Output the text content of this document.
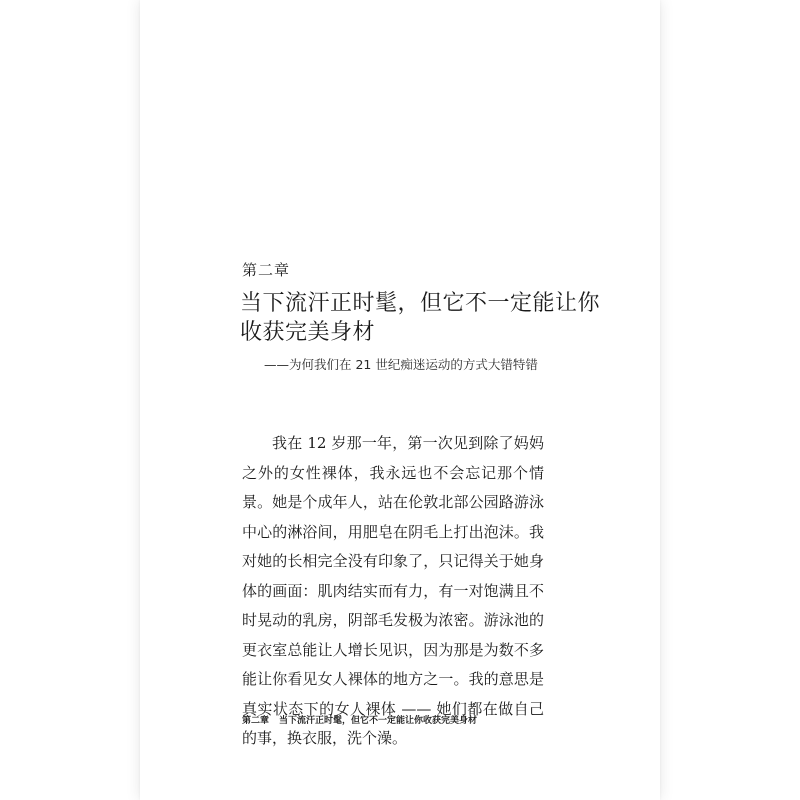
第二章
当下流汗正时髦，但它不一定能让你收获完美身材
——为何我们在 21 世纪痴迷运动的方式大错特错
我在 12 岁那一年，第一次见到除了妈妈之外的女性裸体，我永远也不会忘记那个情景。她是个成年人，站在伦敦北部公园路游泳中心的淋浴间，用肥皂在阴毛上打出泡沫。我对她的长相完全没有印象了，只记得关于她身体的画面：肌肉结实而有力，有一对饱满且不时晃动的乳房，阴部毛发极为浓密。游泳池的更衣室总能让人增长见识，因为那是为数不多能让你看见女人裸体的地方之一。我的意思是真实状态下的女人裸体 —— 她们都在做自己的事，换衣服，洗个澡。
第二章 当下流汗正时髦，但它不一定能让你收获完美身材
